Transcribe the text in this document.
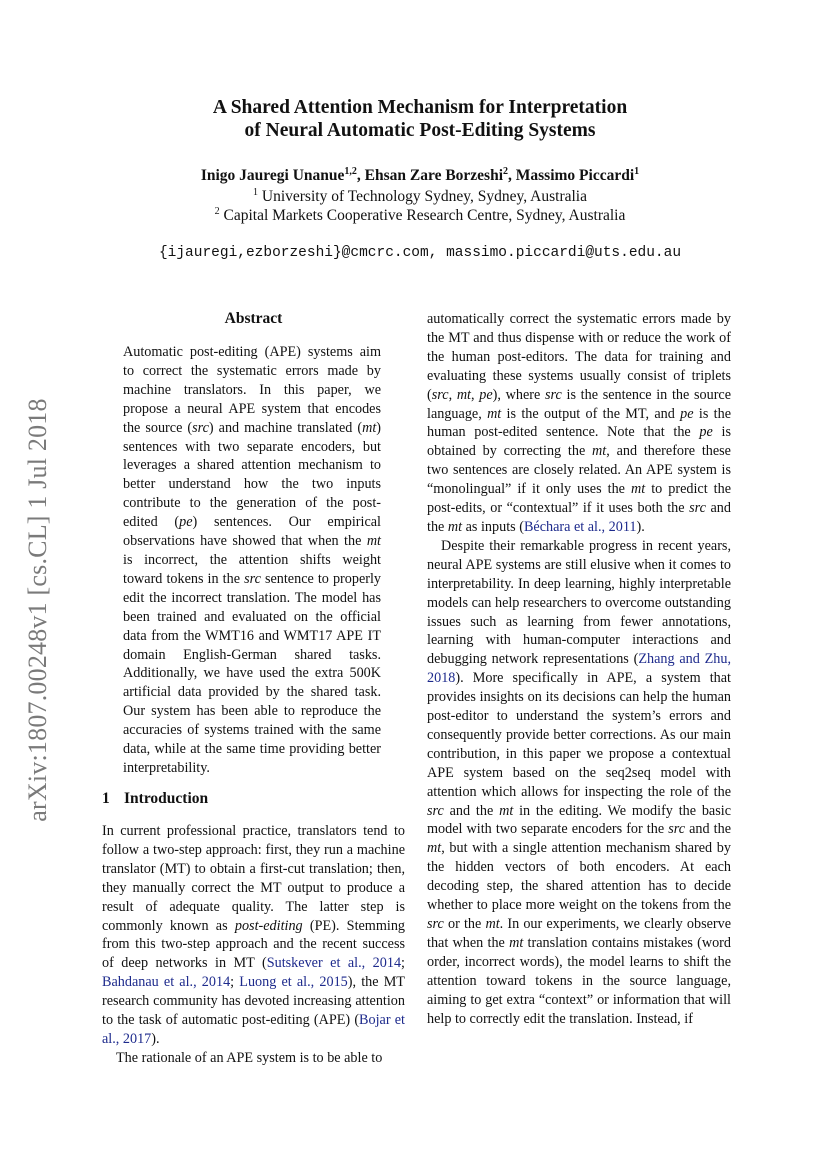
arXiv:1807.00248v1 [cs.CL] 1 Jul 2018
A Shared Attention Mechanism for Interpretation
of Neural Automatic Post-Editing Systems
Inigo Jauregi Unanue$^{1,2}$, Ehsan Zare Borzeshi$^2$, Massimo Piccardi$^1$
$^1$ University of Technology Sydney, Sydney, Australia
$^2$ Capital Markets Cooperative Research Centre, Sydney, Australia
{ijauregi,ezborzeshi}@cmcrc.com, massimo.piccardi@uts.edu.au
Abstract

Automatic post-editing (APE) systems aim to correct the systematic errors made by machine translators. In this paper, we propose a neural APE system that encodes the source (src) and machine translated (mt) sentences with two separate encoders, but leverages a shared attention mechanism to better understand how the two inputs contribute to the generation of the post-edited (pe) sentences. Our empirical observations have showed that when the mt is incorrect, the attention shifts weight toward tokens in the src sentence to properly edit the incorrect translation. The model has been trained and evaluated on the official data from the WMT16 and WMT17 APE IT domain English-German shared tasks. Additionally, we have used the extra 500K artificial data provided by the shared task. Our system has been able to reproduce the accuracies of systems trained with the same data, while at the same time providing better interpretability.

1 Introduction

In current professional practice, translators tend to follow a two-step approach: first, they run a machine translator (MT) to obtain a first-cut translation; then, they manually correct the MT output to produce a result of adequate quality. The latter step is commonly known as post-editing (PE). Stemming from this two-step approach and the recent success of deep networks in MT (Sutskever et al., 2014; Bahdanau et al., 2014; Luong et al., 2015), the MT research community has devoted increasing attention to the task of automatic post-editing (APE) (Bojar et al., 2017).

The rationale of an APE system is to be able to

automatically correct the systematic errors made by the MT and thus dispense with or reduce the work of the human post-editors. The data for training and evaluating these systems usually consist of triplets (src, mt, pe), where src is the sentence in the source language, mt is the output of the MT, and pe is the human post-edited sentence. Note that the pe is obtained by correcting the mt, and therefore these two sentences are closely related. An APE system is “monolingual” if it only uses the mt to predict the post-edits, or “contextual” if it uses both the src and the mt as inputs (Béchara et al., 2011).

Despite their remarkable progress in recent years, neural APE systems are still elusive when it comes to interpretability. In deep learning, highly interpretable models can help researchers to overcome outstanding issues such as learning from fewer annotations, learning with human-computer interactions and debugging network representations (Zhang and Zhu, 2018). More specifically in APE, a system that provides insights on its decisions can help the human post-editor to understand the system’s errors and consequently provide better corrections. As our main contribution, in this paper we propose a contextual APE system based on the seq2seq model with attention which allows for inspecting the role of the src and the mt in the editing. We modify the basic model with two separate encoders for the src and the mt, but with a single attention mechanism shared by the hidden vectors of both encoders. At each decoding step, the shared attention has to decide whether to place more weight on the tokens from the src or the mt. In our experiments, we clearly observe that when the mt translation contains mistakes (word order, incorrect words), the model learns to shift the attention toward tokens in the source language, aiming to get extra “context” or information that will help to correctly edit the translation. Instead, if
